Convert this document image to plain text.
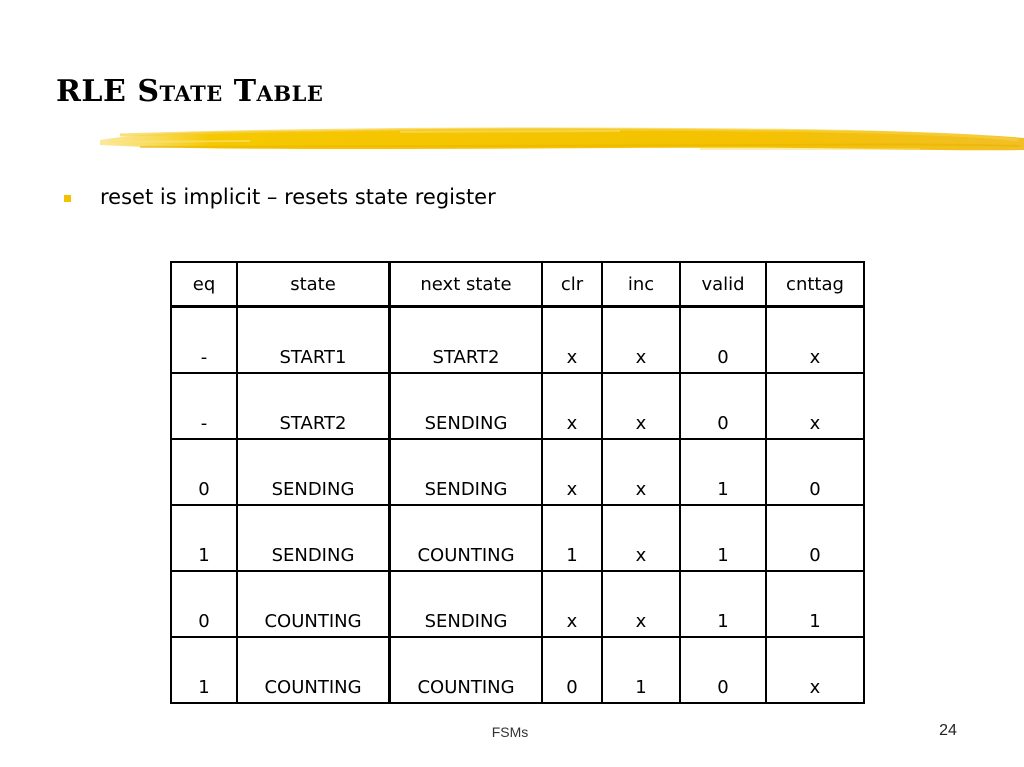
RLE State Table
reset is implicit – resets state register
eq	state	next state	clr	inc	valid	cnttag
-	START1	START2	x	x	0	x
-	START2	SENDING	x	x	0	x
0	SENDING	SENDING	x	x	1	0
1	SENDING	COUNTING	1	x	1	0
0	COUNTING	SENDING	x	x	1	1
1	COUNTING	COUNTING	0	1	0	x
FSMs	24
